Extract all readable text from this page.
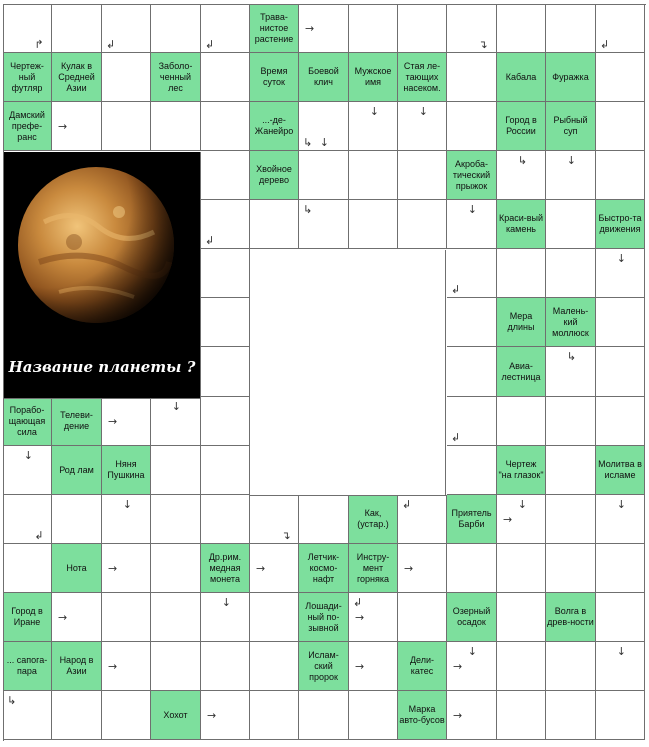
Трава-нистое растение
Чертеж-ный футляр
Кулак в Средней Азии
Заболо-ченный лес
Время суток
Боевой клич
Мужское имя
Стая ле-тающих насеком.
Кабала Фуражка
Дамский префе-ранс
...-де-Жанейро
Город в России
Рыбный суп
Хвойное дерево
Акроба-тический прыжок
Краси-вый камень
Быстро-та движения
Мера длины
Малень-кий моллюск
Авиа-лестница
Порабо-щающая сила
Телеви-дение
Род лам
Няня Пушкина
Чертеж "на глазок"
Молитва в исламе
Как, (устар.)
Приятель Барби
Нота
Др.рим. медная монета
Летчик-космо-нафт
Инстру-мент горняка
Город в Иране
Лошади-ный по-зывной
Озерный осадок
Волга в древ-ности
... сапога-пара
Народ в Азии
Ислам-ский пророк
Дели-катес
Хохот
Марка авто-бусов
Название планеты ?
↱	↲	↲
→
↴	↲
→
↳ ↓
↓	↓
↳	↓
↳	↓
↲
↓
↲
↳
↓
↲
→
↓
↓	↓	↓
↲	↴
↲
→
→	→	→
↓
→
↲
→
↓	↓
→	→	→
↳
→	→
